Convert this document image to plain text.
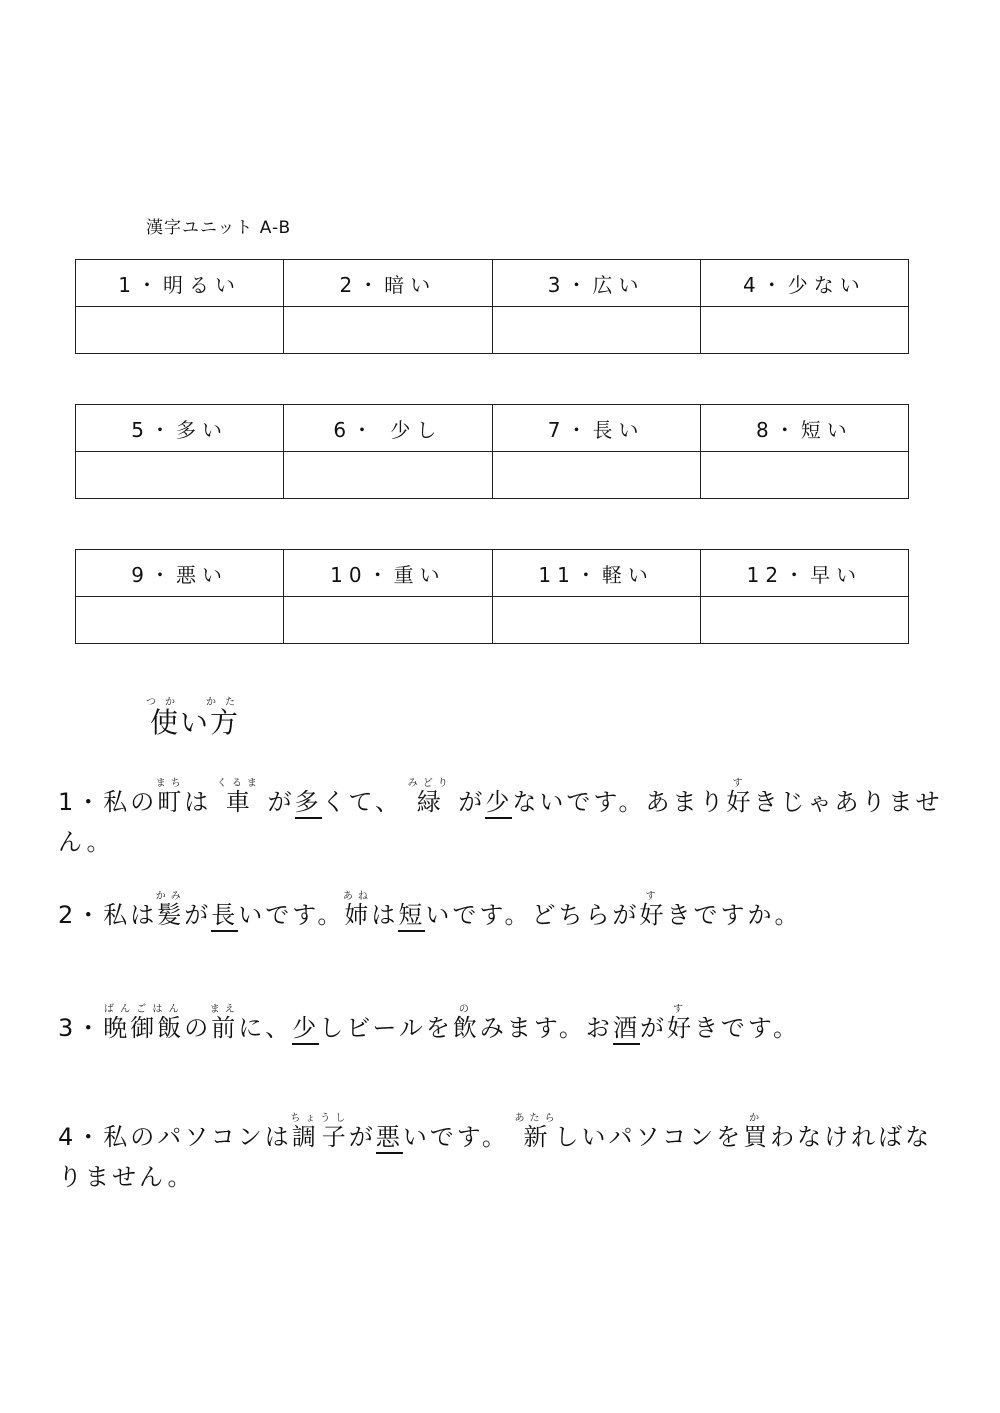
漢字ユニット A-B
1・明るい	2・暗い	3・広い	4・少ない

5・多い	6・ 少し	7・長い	8・短い

9・悪い	10・重い	11・軽い	12・早い

使つかい方かた
1・私の町まちは 車くるま が多くて、 緑みどり が少ないです。あまり好すきじゃありません。
2・私は髪かみが長いです。姉あねは短いです。どちらが好すきですか。
3・晩御飯ばんごはんの前まえに、少しビールを飲のみます。お酒が好すきです。
4・私のパソコンは調子ちょうしが悪いです。 新あたらしいパソコンを買かわなければなりません。
